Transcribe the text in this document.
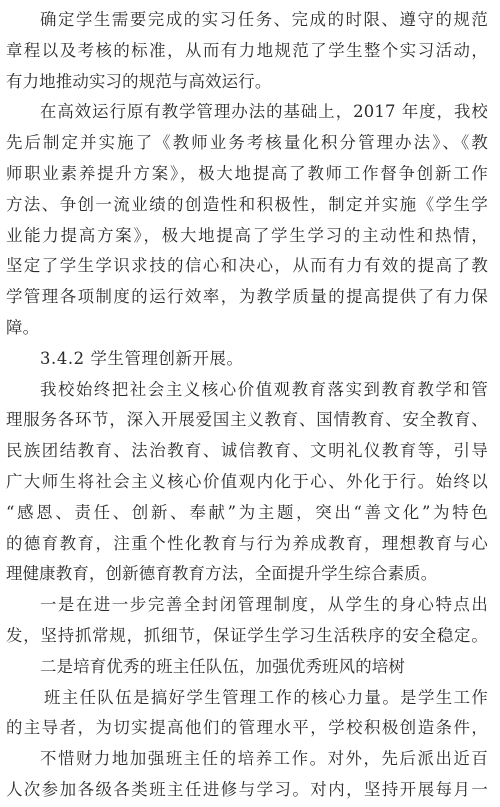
确定学生需要完成的实习任务、完成的时限、遵守的规范
章程以及考核的标准，从而有力地规范了学生整个实习活动，
有力地推动实习的规范与高效运行。
在高效运行原有教学管理办法的基础上，2017 年度，我校
先后制定并实施了《教师业务考核量化积分管理办法》、《教
师职业素养提升方案》，极大地提高了教师工作督争创新工作
方法、争创一流业绩的创造性和积极性，制定并实施《学生学
业能力提高方案》，极大地提高了学生学习的主动性和热情，
坚定了学生学识求技的信心和决心，从而有力有效的提高了教
学管理各项制度的运行效率，为教学质量的提高提供了有力保
障。
3.4.2 学生管理创新开展。
我校始终把社会主义核心价值观教育落实到教育教学和管
理服务各环节，深入开展爱国主义教育、国情教育、安全教育、
民族团结教育、法治教育、诚信教育、文明礼仪教育等，引导
广大师生将社会主义核心价值观内化于心、外化于行。始终以
“感恩、责任、创新、奉献”为主题，突出“善文化”为特色
的德育教育，注重个性化教育与行为养成教育，理想教育与心
理健康教育，创新德育教育方法，全面提升学生综合素质。
一是在进一步完善全封闭管理制度，从学生的身心特点出
发，坚持抓常规，抓细节，保证学生学习生活秩序的安全稳定。
二是培育优秀的班主任队伍，加强优秀班风的培树
班主任队伍是搞好学生管理工作的核心力量。是学生工作
的主导者，为切实提高他们的管理水平，学校积极创造条件，
不惜财力地加强班主任的培养工作。对外，先后派出近百
人次参加各级各类班主任进修与学习。对内，坚持开展每月一
